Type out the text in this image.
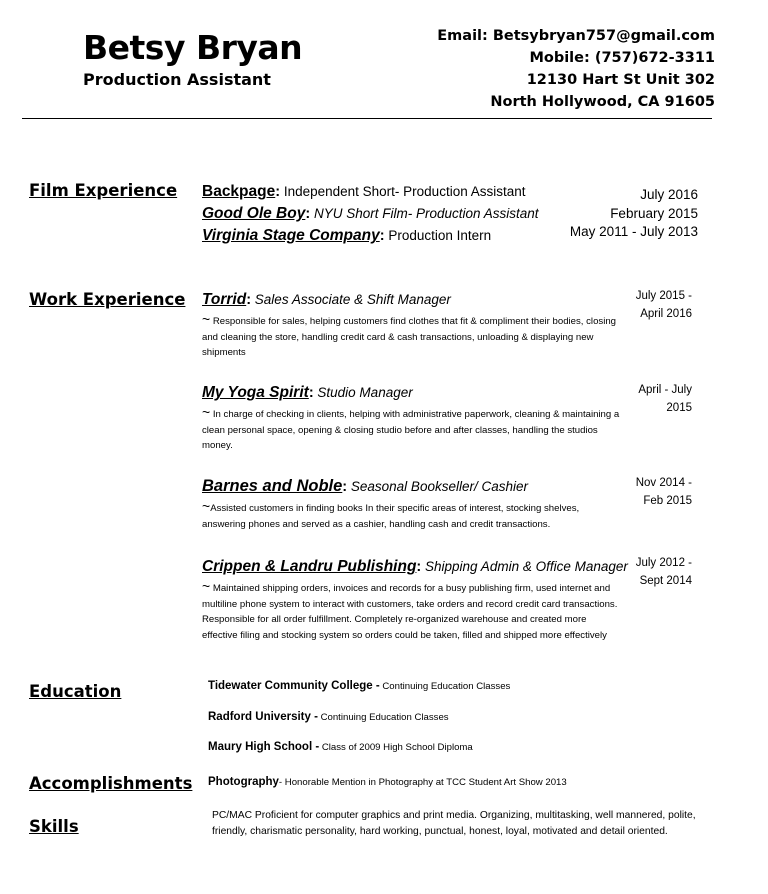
Betsy Bryan
Production Assistant
Email: Betsybryan757@gmail.com
Mobile: (757)672-3311
12130 Hart St Unit 302
North Hollywood, CA 91605
Film Experience
Work Experience
Education
Accomplishments
Skills
Backpage: Independent Short- Production Assistant
Good Ole Boy: NYU Short Film- Production Assistant
Virginia Stage Company: Production Intern
July 2016
February 2015
May 2011 - July 2013
Torrid: Sales Associate & Shift Manager
~ Responsible for sales, helping customers find clothes that fit & compliment their bodies, closing and cleaning the store, handling credit card & cash transactions, unloading & displaying new shipments
July 2015 -
April 2016
My Yoga Spirit: Studio Manager
~ In charge of checking in clients, helping with administrative paperwork, cleaning & maintaining a clean personal space, opening & closing studio before and after classes, handling the studios money.
April - July
2015
Barnes and Noble: Seasonal Bookseller/ Cashier
~Assisted customers in finding books In their specific areas of interest, stocking shelves, answering phones and served as a cashier, handling cash and credit transactions.
Nov 2014 -
Feb 2015
Crippen & Landru Publishing: Shipping Admin & Office Manager
~ Maintained shipping orders, invoices and records for a busy publishing firm, used internet and multiline phone system to interact with customers, take orders and record credit card transactions. Responsible for all order fulfillment. Completely re-organized warehouse and created more effective filing and stocking system so orders could be taken, filled and shipped more effectively
July 2012 -
Sept 2014
Tidewater Community College - Continuing Education Classes
Radford University - Continuing Education Classes
Maury High School - Class of 2009 High School Diploma
Photography- Honorable Mention in Photography at TCC Student Art Show 2013
PC/MAC Proficient for computer graphics and print media. Organizing, multitasking, well mannered, polite, friendly, charismatic personality, hard working, punctual, honest, loyal, motivated and detail oriented.
